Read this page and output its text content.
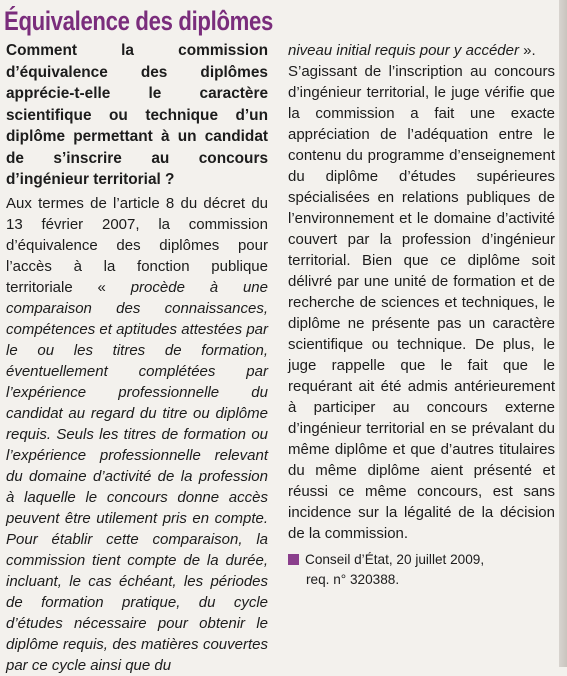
Équivalence des diplômes

Comment la commission d’équivalence des diplômes apprécie-t-elle le caractère scientifique ou technique d’un diplôme permettant à un candidat de s’inscrire au concours d’ingénieur territorial ?

Aux termes de l’article 8 du décret du 13 février 2007, la commission d’équivalence des diplômes pour l’accès à la fonction publique territoriale « procède à une comparaison des connaissances, compétences et aptitudes attestées par le ou les titres de formation, éventuellement complétées par l’expérience professionnelle du candidat au regard du titre ou diplôme requis. Seuls les titres de formation ou l’expérience professionnelle relevant du domaine d’activité de la profession à laquelle le concours donne accès peuvent être utilement pris en compte. Pour établir cette comparaison, la commission tient compte de la durée, incluant, le cas échéant, les périodes de formation pratique, du cycle d’études nécessaire pour obtenir le diplôme requis, des matières couvertes par ce cycle ainsi que du

niveau initial requis pour y accéder ».

S’agissant de l’inscription au concours d’ingénieur territorial, le juge vérifie que la commission a fait une exacte appréciation de l’adéquation entre le contenu du programme d’enseignement du diplôme d’études supérieures spécialisées en relations publiques de l’environnement et le domaine d’activité couvert par la profession d’ingénieur territorial. Bien que ce diplôme soit délivré par une unité de formation et de recherche de sciences et techniques, le diplôme ne présente pas un caractère scientifique ou technique. De plus, le juge rappelle que le fait que le requérant ait été admis antérieurement à participer au concours externe d’ingénieur territorial en se prévalant du même diplôme et que d’autres titulaires du même diplôme aient présenté et réussi ce même concours, est sans incidence sur la légalité de la décision de la commission.

Conseil d’État, 20 juillet 2009,
req. n° 320388.
